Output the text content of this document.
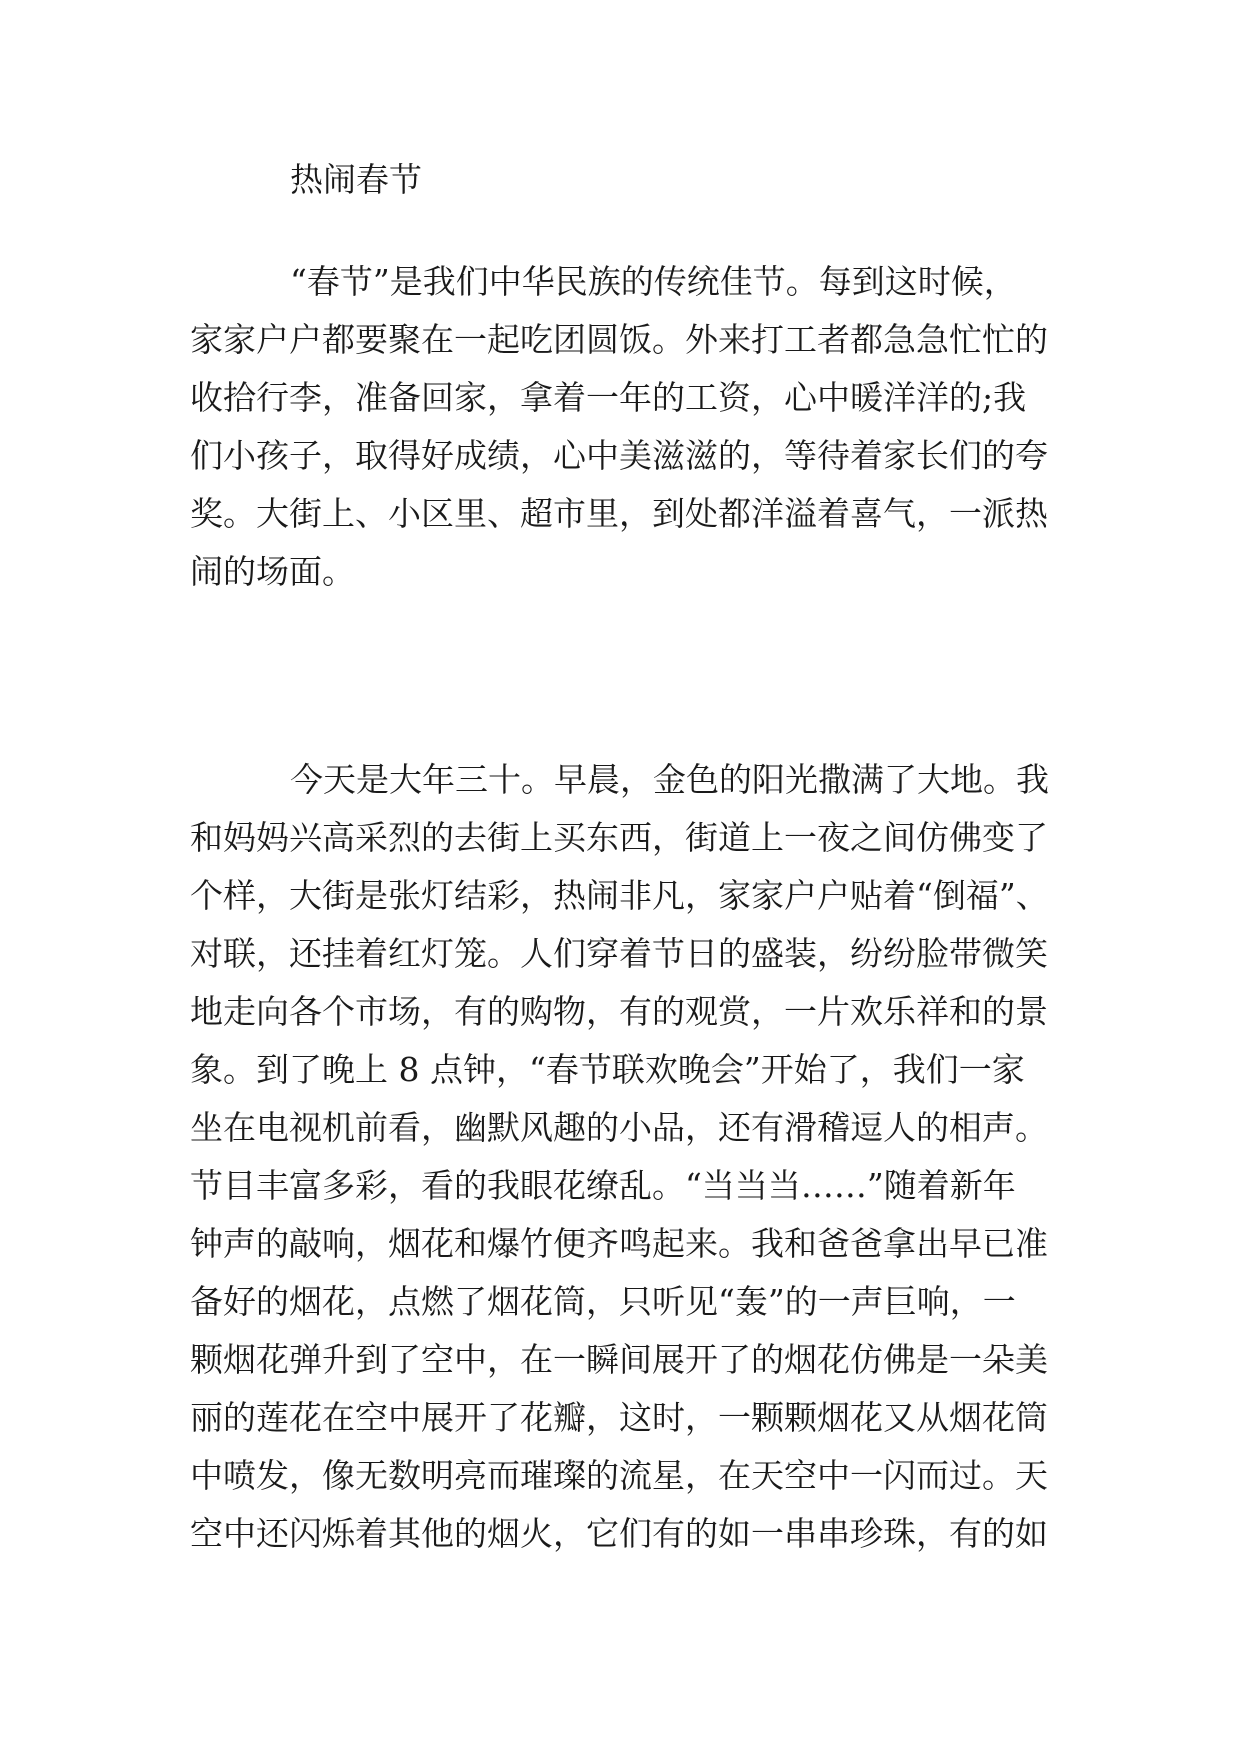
热闹春节
“春节”是我们中华民族的传统佳节。每到这时候，
家家户户都要聚在一起吃团圆饭。外来打工者都急急忙忙的
收拾行李，准备回家，拿着一年的工资，心中暖洋洋的;我
们小孩子，取得好成绩，心中美滋滋的，等待着家长们的夸
奖。大街上、小区里、超市里，到处都洋溢着喜气，一派热
闹的场面。
今天是大年三十。早晨，金色的阳光撒满了大地。我
和妈妈兴高采烈的去街上买东西，街道上一夜之间仿佛变了
个样，大街是张灯结彩，热闹非凡，家家户户贴着“倒福”、
对联，还挂着红灯笼。人们穿着节日的盛装，纷纷脸带微笑
地走向各个市场，有的购物，有的观赏，一片欢乐祥和的景
象。到了晚上 8 点钟，“春节联欢晚会”开始了，我们一家
坐在电视机前看，幽默风趣的小品，还有滑稽逗人的相声。
节目丰富多彩，看的我眼花缭乱。“当当当……”随着新年
钟声的敲响，烟花和爆竹便齐鸣起来。我和爸爸拿出早已准
备好的烟花，点燃了烟花筒，只听见“轰”的一声巨响，一
颗烟花弹升到了空中，在一瞬间展开了的烟花仿佛是一朵美
丽的莲花在空中展开了花瓣，这时，一颗颗烟花又从烟花筒
中喷发，像无数明亮而璀璨的流星，在天空中一闪而过。天
空中还闪烁着其他的烟火，它们有的如一串串珍珠，有的如
